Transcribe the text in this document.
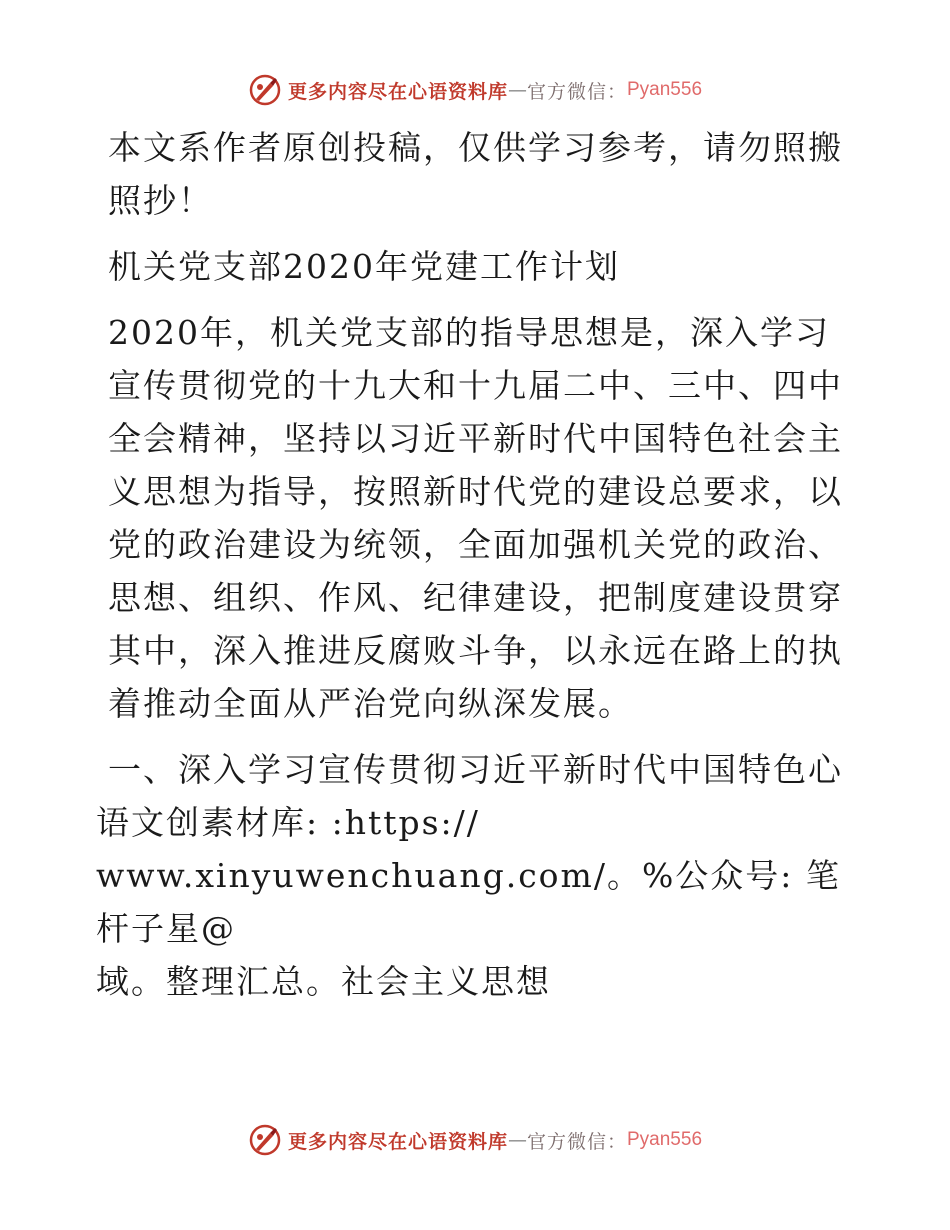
更多内容尽在心语资料库 — 官方微信： Pyan556

本文系作者原创投稿，仅供学习参考，请勿照搬照抄！

机关党支部2020年党建工作计划

2020年，机关党支部的指导思想是，深入学习宣传贯彻党的十九大和十九届二中、三中、四中全会精神，坚持以习近平新时代中国特色社会主义思想为指导，按照新时代党的建设总要求，以党的政治建设为统领，全面加强机关党的政治、思想、组织、作风、纪律建设，把制度建设贯穿其中，深入推进反腐败斗争，以永远在路上的执着推动全面从严治党向纵深发展。

一、深入学习宣传贯彻习近平新时代中国特色心
语文创素材库: :https://
www.xinyuwenchuang.com/。%公众号: 笔杆子星@
域。整理汇总。社会主义思想
更多内容尽在心语资料库 — 官方微信： Pyan556
